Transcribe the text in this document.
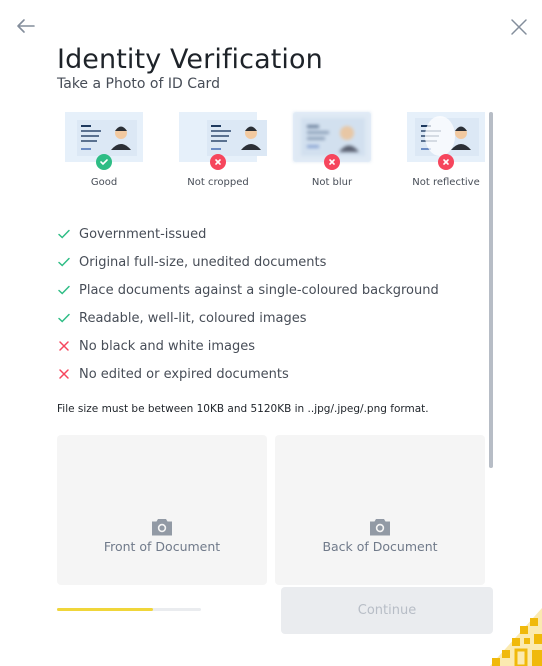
Identity Verification
Take a Photo of ID Card
Good	Not cropped	Not blur	Not reflective
Government-issued
Original full-size, unedited documents
Place documents against a single-coloured background
Readable, well-lit, coloured images
No black and white images
No edited or expired documents
File size must be between 10KB and 5120KB in ..jpg/.jpeg/.png format.
Front of Document	Back of Document
Continue
